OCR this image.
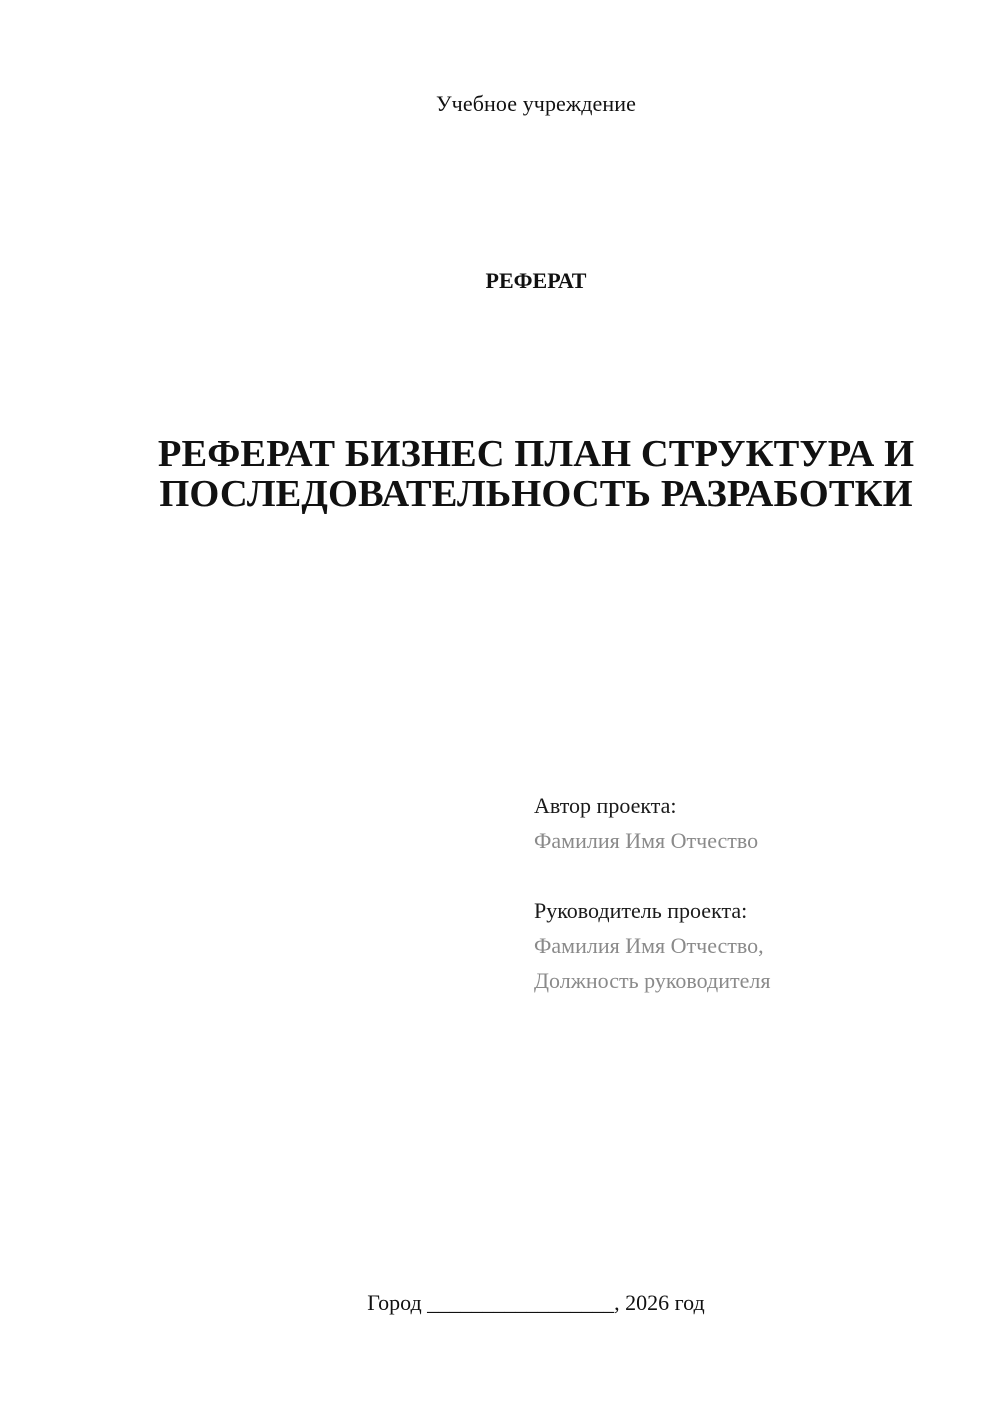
Учебное учреждение
РЕФЕРАТ
РЕФЕРАТ БИЗНЕС ПЛАН СТРУКТУРА И
ПОСЛЕДОВАТЕЛЬНОСТЬ РАЗРАБОТКИ
Автор проекта:
Фамилия Имя Отчество
Руководитель проекта:
Фамилия Имя Отчество,
Должность руководителя
Город _________________, 2026 год
